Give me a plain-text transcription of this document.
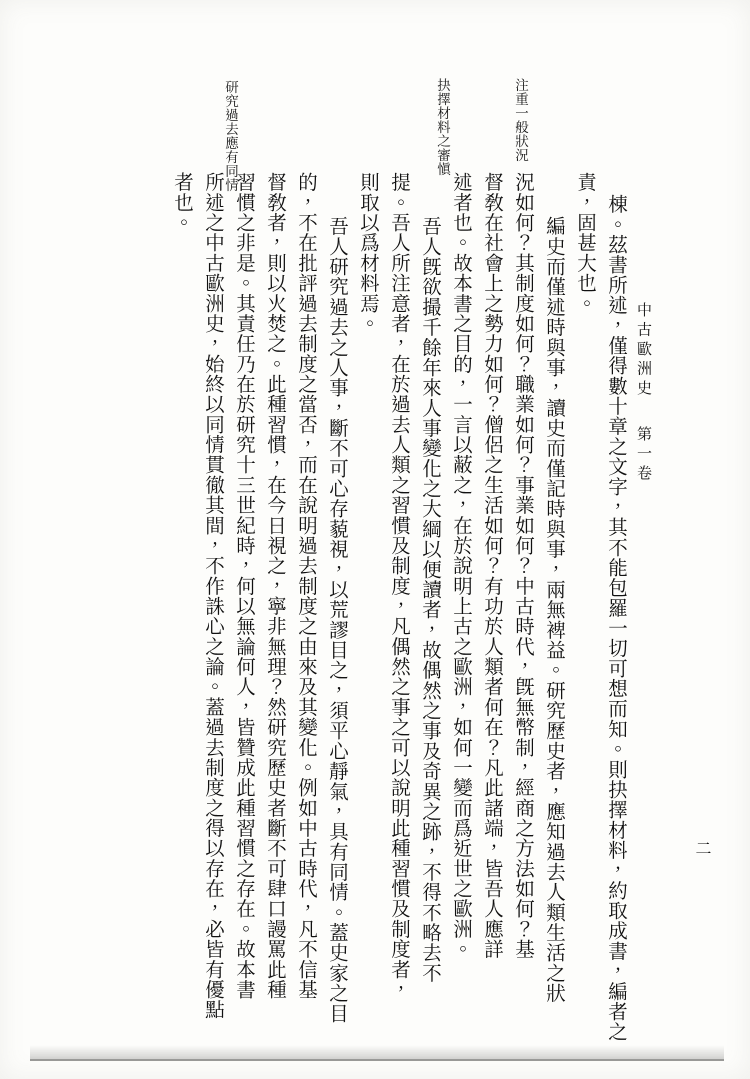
中古歐洲史第一卷

二
注重一般狀況
抉擇材料之審愼
研究過去應有同情
棟。茲書所述，僅得數十章之文字，其不能包羅一切可想而知。則抉擇材料，約取成書，編者之
責，固甚大也。
編史而僅述時與事，讀史而僅記時與事，兩無裨益。研究歷史者，應知過去人類生活之狀
況如何？其制度如何？職業如何？事業如何？中古時代，旣無幣制，經商之方法如何？基
督敎在社會上之勢力如何？僧侶之生活如何？有功於人類者何在？凡此諸端，皆吾人應詳
述者也。故本書之目的，一言以蔽之，在於說明上古之歐洲，如何一變而爲近世之歐洲。
吾人旣欲撮千餘年來人事變化之大綱以便讀者，故偶然之事及奇異之跡，不得不略去不
提。吾人所注意者，在於過去人類之習慣及制度，凡偶然之事之可以說明此種習慣及制度者，
則取以爲材料焉。
吾人研究過去之人事，斷不可心存藐視，以荒謬目之，須平心靜氣，具有同情。蓋史家之目
的，不在批評過去制度之當否，而在說明過去制度之由來及其變化。例如中古時代，凡不信基
督敎者，則以火焚之。此種習慣，在今日視之，寧非無理？然研究歷史者斷不可肆口謾罵此種
習慣之非是。其責任乃在於研究十三世紀時，何以無論何人，皆贊成此種習慣之存在。故本書
所述之中古歐洲史，始終以同情貫徹其間，不作誅心之論。蓋過去制度之得以存在，必皆有優點
者也。
